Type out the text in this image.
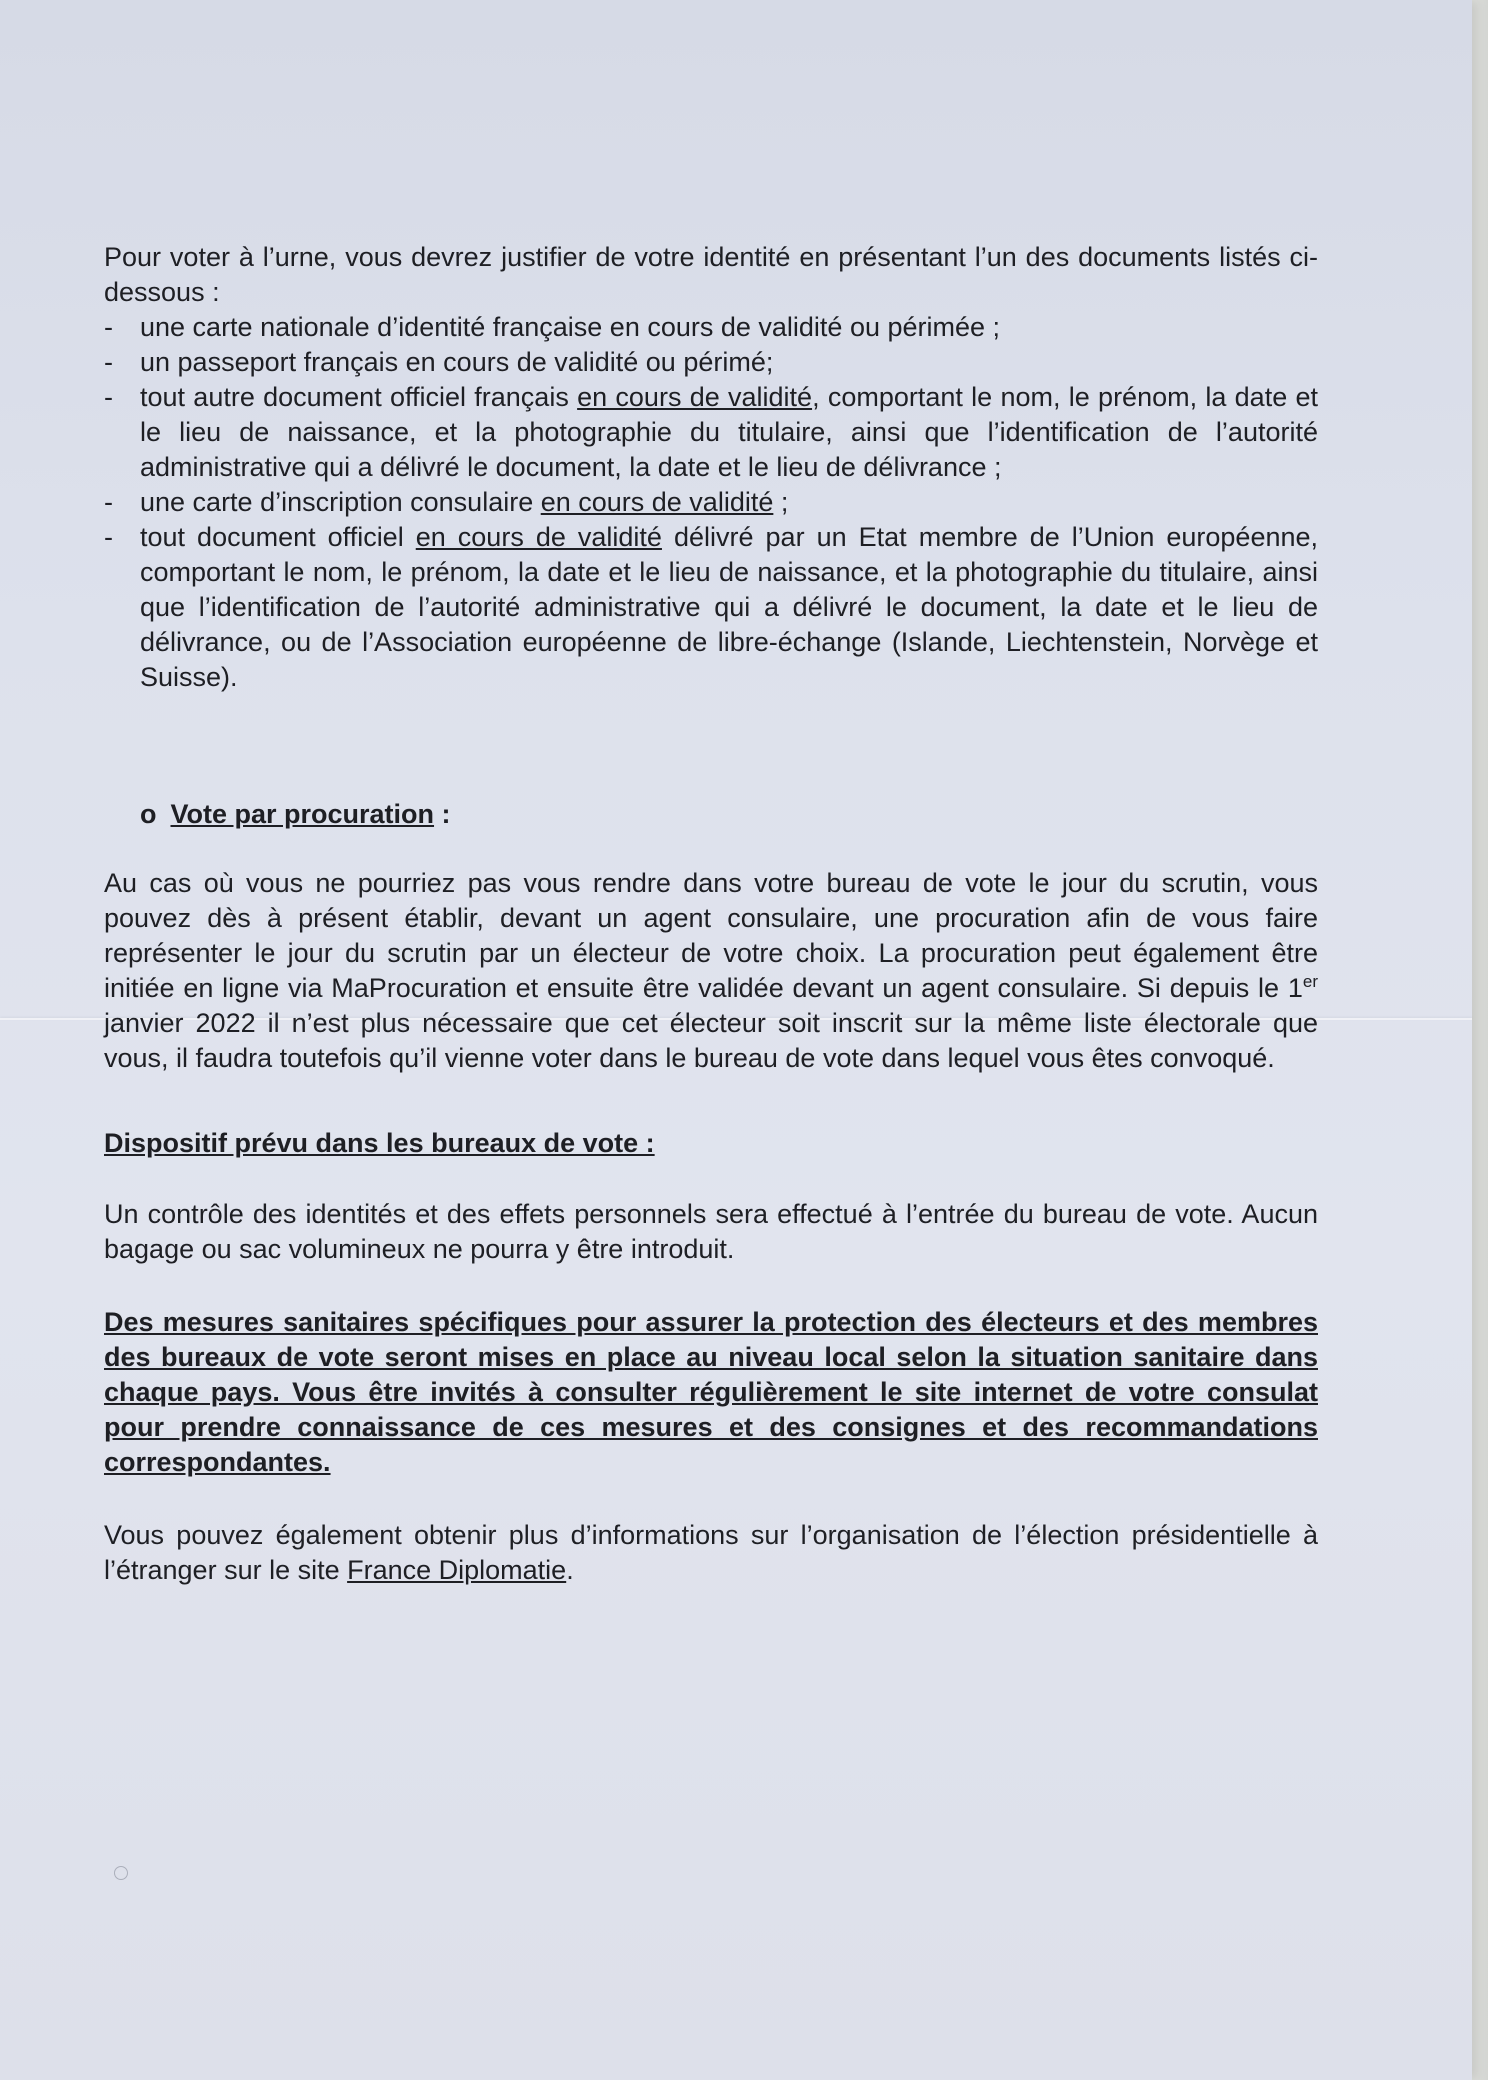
Pour voter à l’urne, vous devrez justifier de votre identité en présentant l’un des documents listés ci-dessous :

- une carte nationale d’identité française en cours de validité ou périmée ;
- un passeport français en cours de validité ou périmé;
- tout autre document officiel français en cours de validité, comportant le nom, le prénom, la date et le lieu de naissance, et la photographie du titulaire, ainsi que l’identification de l’autorité administrative qui a délivré le document, la date et le lieu de délivrance ;
- une carte d’inscription consulaire en cours de validité ;
- tout document officiel en cours de validité délivré par un Etat membre de l’Union européenne, comportant le nom, le prénom, la date et le lieu de naissance, et la photographie du titulaire, ainsi que l’identification de l’autorité administrative qui a délivré le document, la date et le lieu de délivrance, ou de l’Association européenne de libre-échange (Islande, Liechtenstein, Norvège et Suisse).
o Vote par procuration :

Au cas où vous ne pourriez pas vous rendre dans votre bureau de vote le jour du scrutin, vous pouvez dès à présent établir, devant un agent consulaire, une procuration afin de vous faire représenter le jour du scrutin par un électeur de votre choix. La procuration peut également être initiée en ligne via MaProcuration et ensuite être validée devant un agent consulaire. Si depuis le 1er janvier 2022 il n’est plus nécessaire que cet électeur soit inscrit sur la même liste électorale que vous, il faudra toutefois qu’il vienne voter dans le bureau de vote dans lequel vous êtes convoqué.

Dispositif prévu dans les bureaux de vote :

Un contrôle des identités et des effets personnels sera effectué à l’entrée du bureau de vote. Aucun bagage ou sac volumineux ne pourra y être introduit.

Des mesures sanitaires spécifiques pour assurer la protection des électeurs et des membres des bureaux de vote seront mises en place au niveau local selon la situation sanitaire dans chaque pays. Vous être invités à consulter régulièrement le site internet de votre consulat pour prendre connaissance de ces mesures et des consignes et des recommandations correspondantes.

Vous pouvez également obtenir plus d’informations sur l’organisation de l’élection présidentielle à l’étranger sur le site France Diplomatie.
